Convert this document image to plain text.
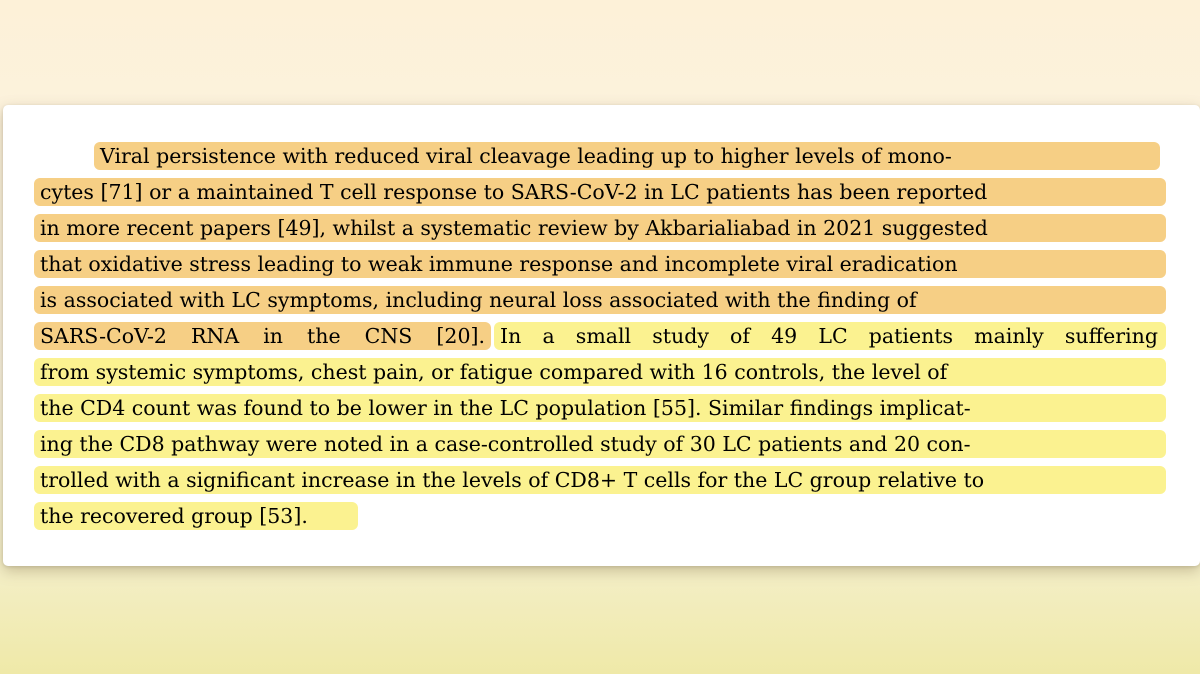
Viral persistence with reduced viral cleavage leading up to higher levels of mono-
cytes [71] or a maintained T cell response to SARS-CoV-2 in LC patients has been reported
in more recent papers [49], whilst a systematic review by Akbarialiabad in 2021 suggested
that oxidative stress leading to weak immune response and incomplete viral eradication
is associated with LC symptoms, including neural loss associated with the finding of
SARS-CoV-2 RNA in the CNS [20]. In a small study of 49 LC patients mainly suffering
from systemic symptoms, chest pain, or fatigue compared with 16 controls, the level of
the CD4 count was found to be lower in the LC population [55]. Similar findings implicat-
ing the CD8 pathway were noted in a case-controlled study of 30 LC patients and 20 con-
trolled with a significant increase in the levels of CD8+ T cells for the LC group relative to
the recovered group [53].
